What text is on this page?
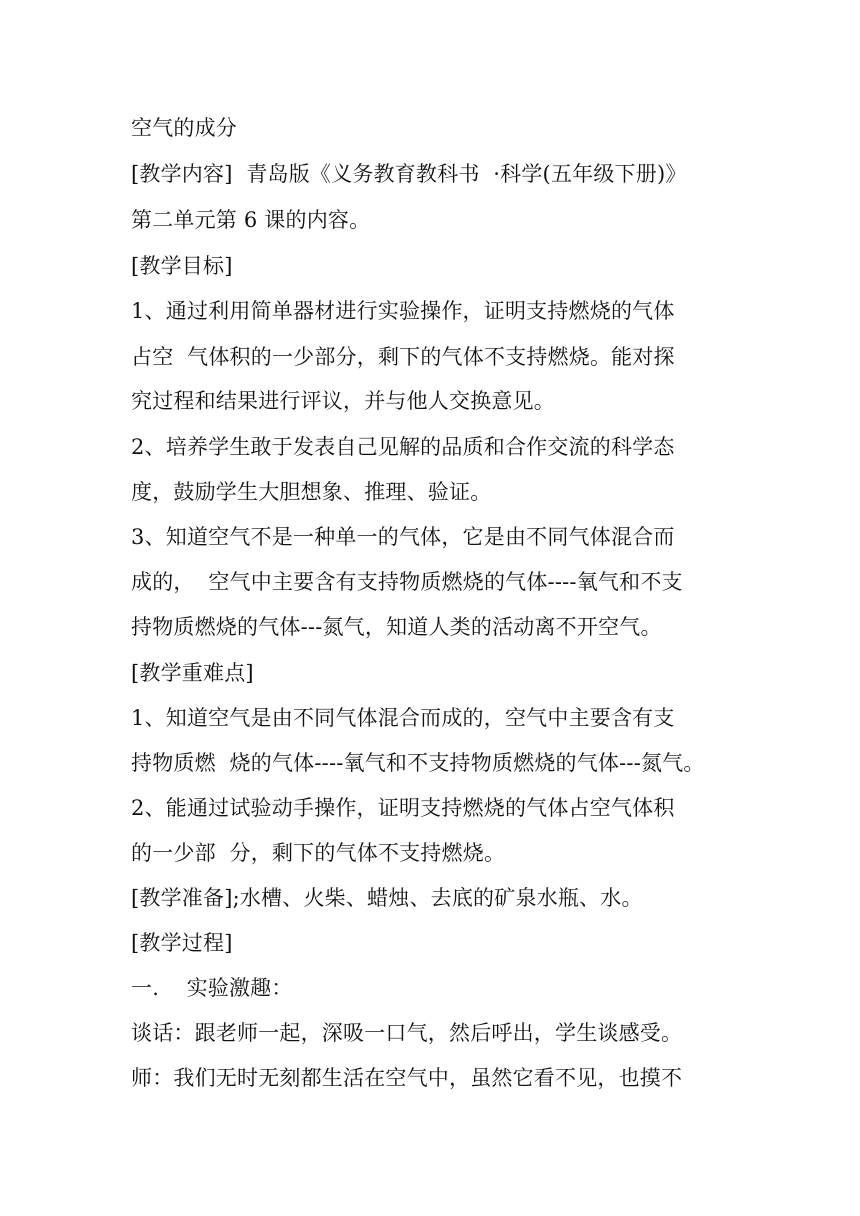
空气的成分
[教学内容]  青岛版《义务教育教科书  ·科学(五年级下册)》
第二单元第 6 课的内容。
[教学目标]
1、通过利用简单器材进行实验操作，证明支持燃烧的气体
占空  气体积的一少部分，剩下的气体不支持燃烧。能对探
究过程和结果进行评议，并与他人交换意见。
2、培养学生敢于发表自己见解的品质和合作交流的科学态
度，鼓励学生大胆想象、推理、验证。
3、知道空气不是一种单一的气体，它是由不同气体混合而
成的，  空气中主要含有支持物质燃烧的气体----氧气和不支
持物质燃烧的气体---氮气，知道人类的活动离不开空气。
[教学重难点]
1、知道空气是由不同气体混合而成的，空气中主要含有支
持物质燃  烧的气体----氧气和不支持物质燃烧的气体---氮气。
2、能通过试验动手操作，证明支持燃烧的气体占空气体积
的一少部  分，剩下的气体不支持燃烧。
[教学准备];水槽、火柴、蜡烛、去底的矿泉水瓶、水。
[教学过程]
一.    实验激趣：
谈话：跟老师一起，深吸一口气，然后呼出，学生谈感受。
师：我们无时无刻都生活在空气中，虽然它看不见，也摸不
